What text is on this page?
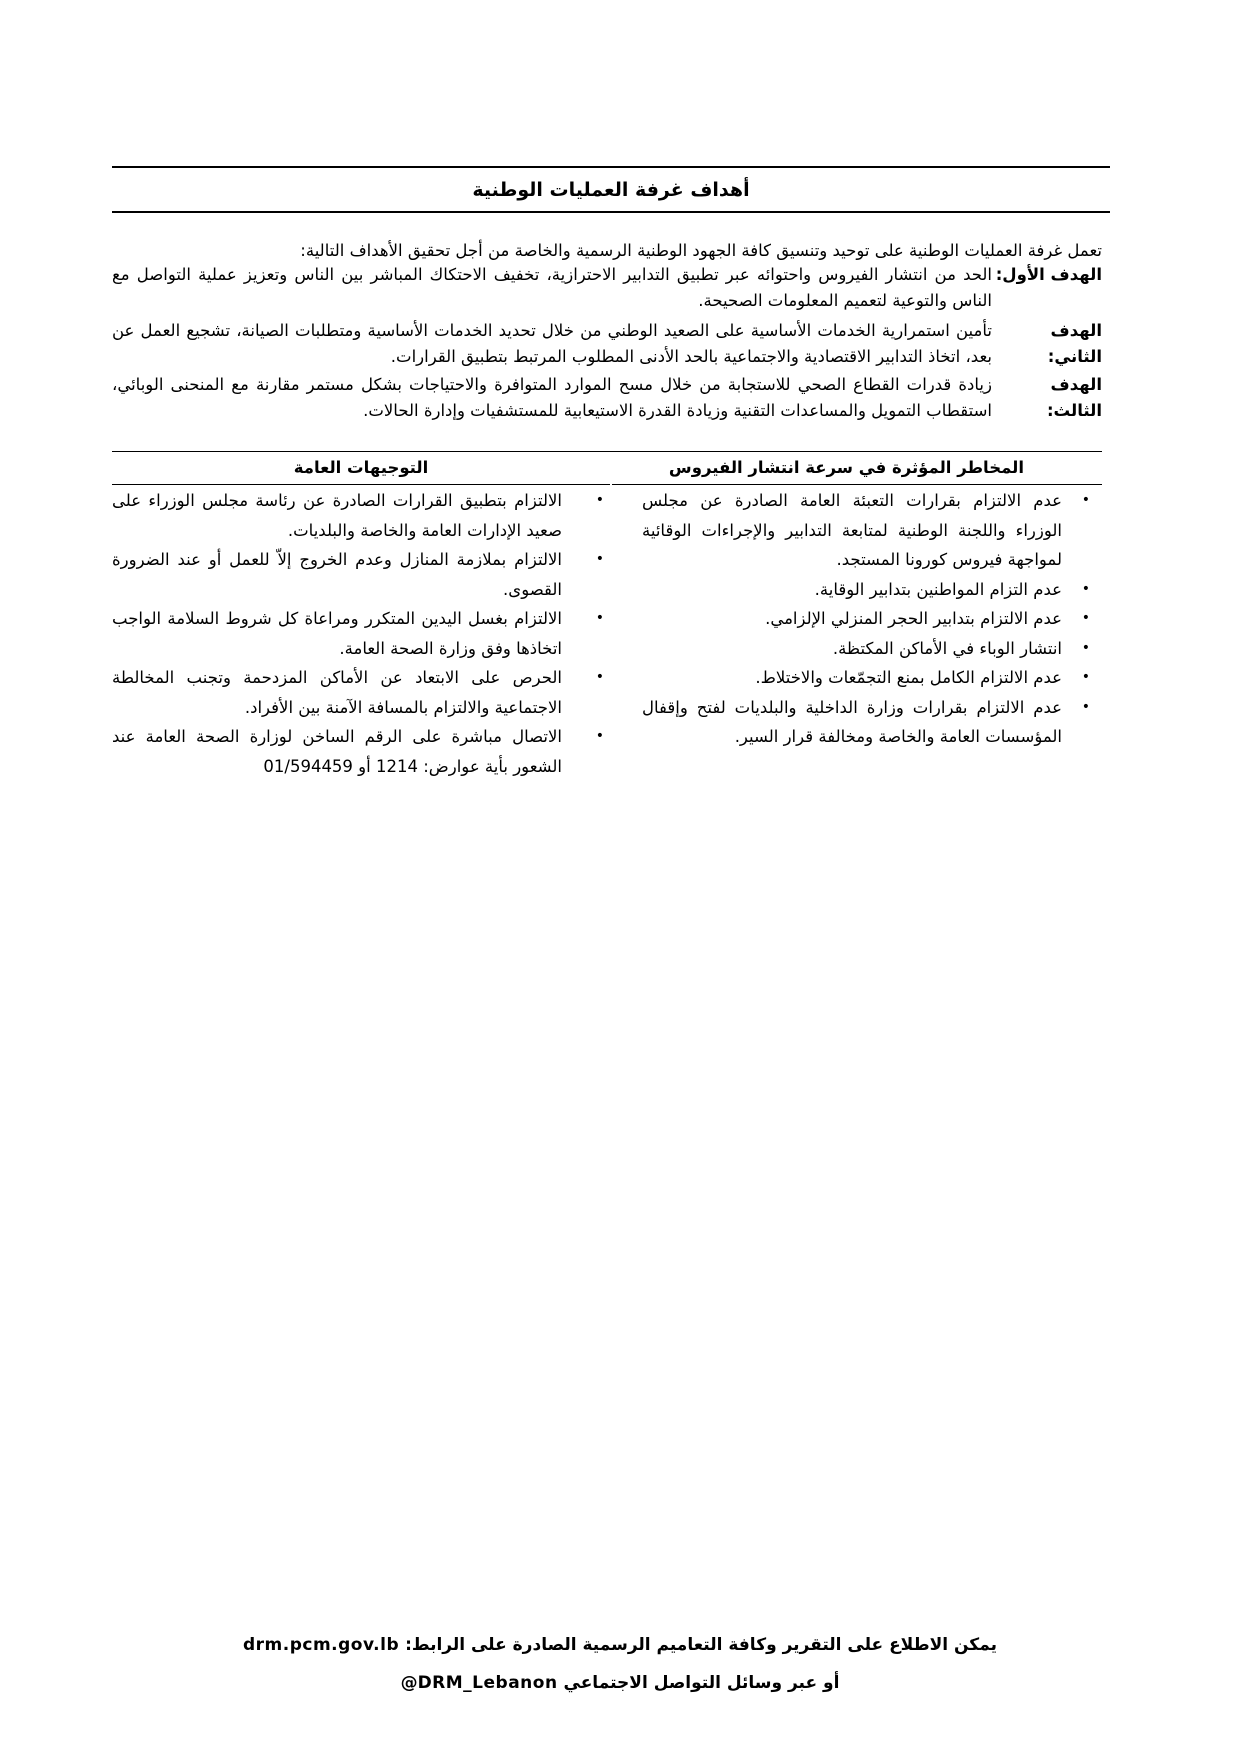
أهداف غرفة العمليات الوطنية

تعمل غرفة العمليات الوطنية على توحيد وتنسيق كافة الجهود الوطنية الرسمية والخاصة من أجل تحقيق الأهداف التالية:

الهدف الأول:
الحد من انتشار الفيروس واحتوائه عبر تطبيق التدابير الاحترازية، تخفيف الاحتكاك المباشر بين الناس وتعزيز عملية التواصل مع الناس والتوعية لتعميم المعلومات الصحيحة.
الهدف الثاني:
تأمين استمرارية الخدمات الأساسية على الصعيد الوطني من خلال تحديد الخدمات الأساسية ومتطلبات الصيانة، تشجيع العمل عن بعد، اتخاذ التدابير الاقتصادية والاجتماعية بالحد الأدنى المطلوب المرتبط بتطبيق القرارات.
الهدف الثالث:
زيادة قدرات القطاع الصحي للاستجابة من خلال مسح الموارد المتوافرة والاحتياجات بشكل مستمر مقارنة مع المنحنى الوبائي، استقطاب التمويل والمساعدات التقنية وزيادة القدرة الاستيعابية للمستشفيات وإدارة الحالات.
المخاطر المؤثرة في سرعة انتشار الفيروس
التوجيهات العامة
•
عدم الالتزام بقرارات التعبئة العامة الصادرة عن مجلس الوزراء واللجنة الوطنية لمتابعة التدابير والإجراءات الوقائية لمواجهة فيروس كورونا المستجد.
•
عدم التزام المواطنين بتدابير الوقاية.
•
عدم الالتزام بتدابير الحجر المنزلي الإلزامي.
•
انتشار الوباء في الأماكن المكتظة.
•
عدم الالتزام الكامل بمنع التجمّعات والاختلاط.
•
عدم الالتزام بقرارات وزارة الداخلية والبلديات لفتح وإقفال المؤسسات العامة والخاصة ومخالفة قرار السير.
•
الالتزام بتطبيق القرارات الصادرة عن رئاسة مجلس الوزراء على صعيد الإدارات العامة والخاصة والبلديات.
•
الالتزام بملازمة المنازل وعدم الخروج إلاّ للعمل أو عند الضرورة القصوى.
•
الالتزام بغسل اليدين المتكرر ومراعاة كل شروط السلامة الواجب اتخاذها وفق وزارة الصحة العامة.
•
الحرص على الابتعاد عن الأماكن المزدحمة وتجنب المخالطة الاجتماعية والالتزام بالمسافة الآمنة بين الأفراد.
•
الاتصال مباشرة على الرقم الساخن لوزارة الصحة العامة عند الشعور بأية عوارض: 1214 أو 01/594459
يمكن الاطلاع على التقرير وكافة التعاميم الرسمية الصادرة على الرابط: drm.pcm.gov.lb
أو عبر وسائل التواصل الاجتماعي @DRM_Lebanon
